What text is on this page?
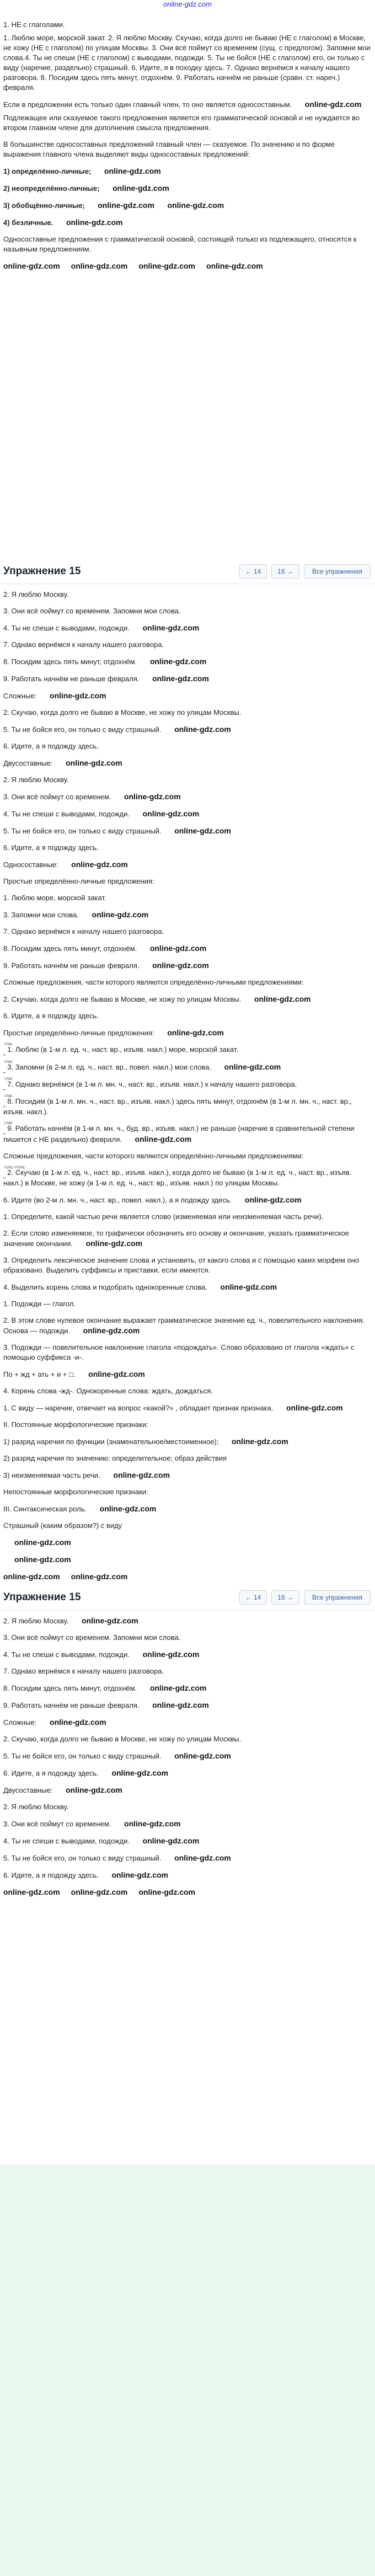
online-gdz.com

1. НЕ с глаголами.

1. Люблю море, морской закат. 2. Я люблю Москву. Скучаю, когда долго не бываю (НЕ с глаголом) в Москве, не хожу (НЕ с глаголом) по улицам Москвы. 3. Они всё поймут со временем (сущ. с предлогом). Запомни мои слова.4. Ты не спеши (НЕ с глаголом) с выводами, подожди. 5. Ты не бойся (НЕ с глаголом) его, он только с виду (наречие, раздельно) страшный. 6. Идите, я в походку здесь. 7. Однако вернёмся к началу нашего разговора. 8. Посидим здесь пять минут, отдохнём. 9. Работать начнём не раньше (сравн. ст. нареч.) февраля.

Если в предложении есть только один главный член, то оно является односоставным. online-gdz.com

Подлежащее или сказуемое такого предложения является его грамматической основой и не нуждается во втором главном члене для дополнения смысла предложения.

В большинстве односоставных предложений главный член — сказуемое. По значению и по форме выражения главного члена выделяют виды односоставных предложений:

1) определённо-личные; online-gdz.com

2) неопределённо-личные; online-gdz.com

3) обобщённо-личные; online-gdz.com online-gdz.com

4) безличные. online-gdz.com

Односоставные предложения с грамматической основой, состоящей только из подлежащего, относятся к назывным предложениям.

online-gdz.com online-gdz.com online-gdz.com online-gdz.com

Упражнение 15	← 14	16 →	Все упражнения

2. Я люблю Москву.

3. Они всё поймут со временем. Запомни мои слова.

4. Ты не спеши с выводами, подожди. online-gdz.com

7. Однако вернёмся к началу нашего разговора.

8. Посидим здесь пять минут, отдохнём. online-gdz.com

9. Работать начнём не раньше февраля. online-gdz.com

Сложные: online-gdz.com

2. Скучаю, когда долго не бываю в Москве, не хожу по улицам Москвы.

5. Ты не бойся его, он только с виду страшный. online-gdz.com

6. Идите, а я подожду здесь.

Двусоставные: online-gdz.com

2. Я люблю Москву.

3. Они всё поймут со временем. online-gdz.com

4. Ты не спеши с выводами, подожди. online-gdz.com

5. Ты не бойся его, он только с виду страшный. online-gdz.com

6. Идите, а я подожду здесь.

Односоставные: online-gdz.com

Простые определённо-личные предложения:

1. Люблю море, морской закат.

3. Запомни мои слова. online-gdz.com

7. Однако вернёмся к началу нашего разговора.

8. Посидим здесь пять минут, отдохнём. online-gdz.com

9. Работать начнём не раньше февраля. online-gdz.com

Сложные предложения, части которого являются определённо-личными предложениями:

2. Скучаю, когда долго не бываю в Москве, не хожу по улицам Москвы. online-gdz.com

6. Идите, а я подожду здесь.

Простые определённо-личные предложения: online-gdz.com

глаг.
1. Люблю (в 1-м л. ед. ч., наст. вр., изъяв. накл.) море, морской закат.

глаг.
3. Запомни (в 2-м л. ед. ч., наст. вр., повел. накл.) мои слова. online-gdz.com

глаг.
7. Однако вернёмся (в 1-м л. мн. ч., наст. вр., изъяв. накл.) к началу нашего разговора.

глаг.
8. Посидим (в 1-м л. мн. ч., наст. вр., изъяв. накл.) здесь пять минут, отдохнём (в 1-м л. мн. ч., наст. вр., изъяв. накл.).

глаг.
9. Работать начнём (в 1-м л. мн. ч., буд. вр., изъяв. накл.) не раньше (наречие в сравнительной степени пишется с НЕ раздельно) февраля. online-gdz.com

Сложные предложения, части которого являются определённо-личными предложениями:

сущ.+сущ.
2. Скучаю (в 1-м л. ед. ч., наст. вр., изъяв. накл.), когда долго не бываю (в 1-м л. ед. ч., наст. вр., изъяв. накл.) в Москве, не хожу (в 1-м л. ед. ч., наст. вр., изъяв. накл.) по улицам Москвы.

6. Идите (во 2-м л. мн. ч., наст. вр., повел. накл.), а я подожду здесь. online-gdz.com

1. Определите, какой частью речи является слово (изменяемая или неизменяемая часть речи).

2. Если слово изменяемое, то графически обозначить его основу и окончание, указать грамматическое значение окончания. online-gdz.com

3. Определить лексическое значение слова и установить, от какого слова и с помощью каких морфем оно образовано. Выделить суффиксы и приставки, если имеются.

4. Выделить корень слова и подобрать однокоренные слова. online-gdz.com

1. Подожди — глагол.

2. В этом слове нулевое окончание выражает грамматическое значение ед. ч., повелительного наклонения. Основа — подожди. online-gdz.com

3. Подожди — повелительное наклонение глагола «подождать». Слово образовано от глагола «ждать» с помощью суффикса -и-.

По + жд + ать + и + □. online-gdz.com

4. Корень слова -жд-. Однокоренные слова: ждать, дождаться.

1. С виду — наречие, отвечает на вопрос «какой?» , обладает признак признака. online-gdz.com

II. Постоянные морфологические признаки:

1) разряд наречия по функции (знаменательное/местоименное); online-gdz.com

2) разряд наречия по значению: определительное; образ действия

3) неизменяемая часть речи. online-gdz.com

Непостоянные морфологические признаки:

III. Синтаксическая роль. online-gdz.com

Страшный (каким образом?) с виду

online-gdz.com

online-gdz.com

online-gdz.com online-gdz.com

Упражнение 15	← 14	16 →	Все упражнения

2. Я люблю Москву. online-gdz.com

3. Они всё поймут со временем. Запомни мои слова.

4. Ты не спеши с выводами, подожди. online-gdz.com

7. Однако вернёмся к началу нашего разговора.

8. Посидим здесь пять минут, отдохнём. online-gdz.com

9. Работать начнём не раньше февраля. online-gdz.com

Сложные: online-gdz.com

2. Скучаю, когда долго не бываю в Москве, не хожу по улицам Москвы.

5. Ты не бойся его, он только с виду страшный. online-gdz.com

6. Идите, а я подожду здесь. online-gdz.com

Двусоставные: online-gdz.com

2. Я люблю Москву.

3. Они всё поймут со временем. online-gdz.com

4. Ты не спеши с выводами, подожди. online-gdz.com

5. Ты не бойся его, он только с виду страшный. online-gdz.com

6. Идите, а я подожду здесь. online-gdz.com

online-gdz.com online-gdz.com online-gdz.com
